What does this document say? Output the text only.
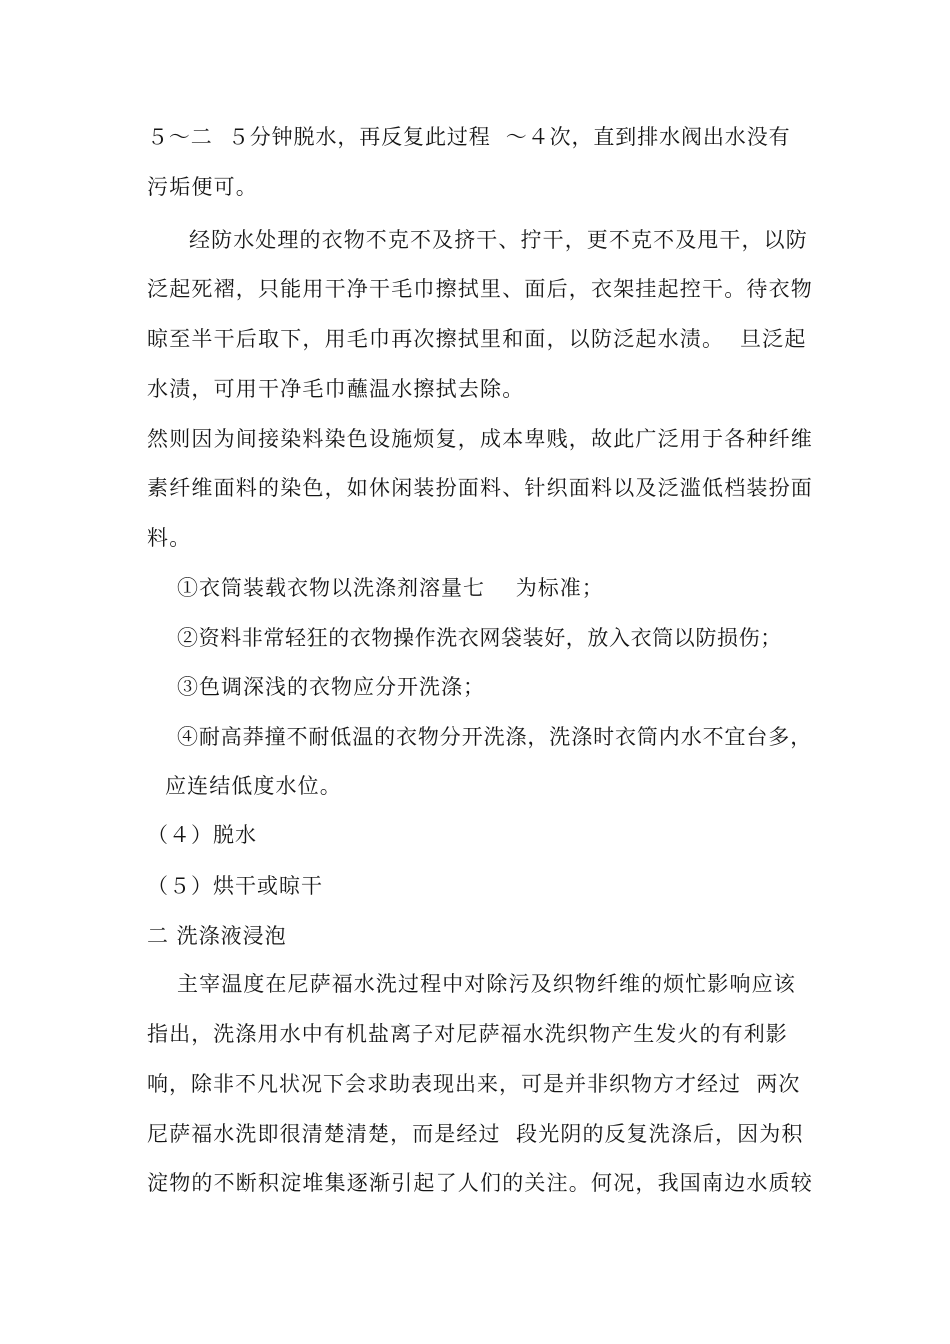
５～二  ５分钟脱水，再反复此过程  ～４次，直到排水阀出水没有
污垢便可。
经防水处理的衣物不克不及挤干、拧干，更不克不及甩干，以防
泛起死褶，只能用干净干毛巾擦拭里、面后，衣架挂起控干。待衣物
晾至半干后取下，用毛巾再次擦拭里和面，以防泛起水渍。  旦泛起
水渍，可用干净毛巾蘸温水擦拭去除。
然则因为间接染料染色设施烦复，成本卑贱，故此广泛用于各种纤维
素纤维面料的染色，如休闲装扮面料、针织面料以及泛滥低档装扮面
料。
①衣筒装载衣物以洗涤剂溶量七    为标准；
②资料非常轻狂的衣物操作洗衣网袋装好，放入衣筒以防损伤；
③色调深浅的衣物应分开洗涤；
④耐高莽撞不耐低温的衣物分开洗涤，洗涤时衣筒内水不宜台多，
应连结低度水位。
（４）脱水
（５）烘干或晾干
二 洗涤液浸泡
主宰温度在尼萨福水洗过程中对除污及织物纤维的烦忙影响应该
指出，洗涤用水中有机盐离子对尼萨福水洗织物产生发火的有利影
响，除非不凡状况下会求助表现出来，可是并非织物方才经过  两次
尼萨福水洗即很清楚清楚，而是经过  段光阴的反复洗涤后，因为积
淀物的不断积淀堆集逐渐引起了人们的关注。何况，我国南边水质较
